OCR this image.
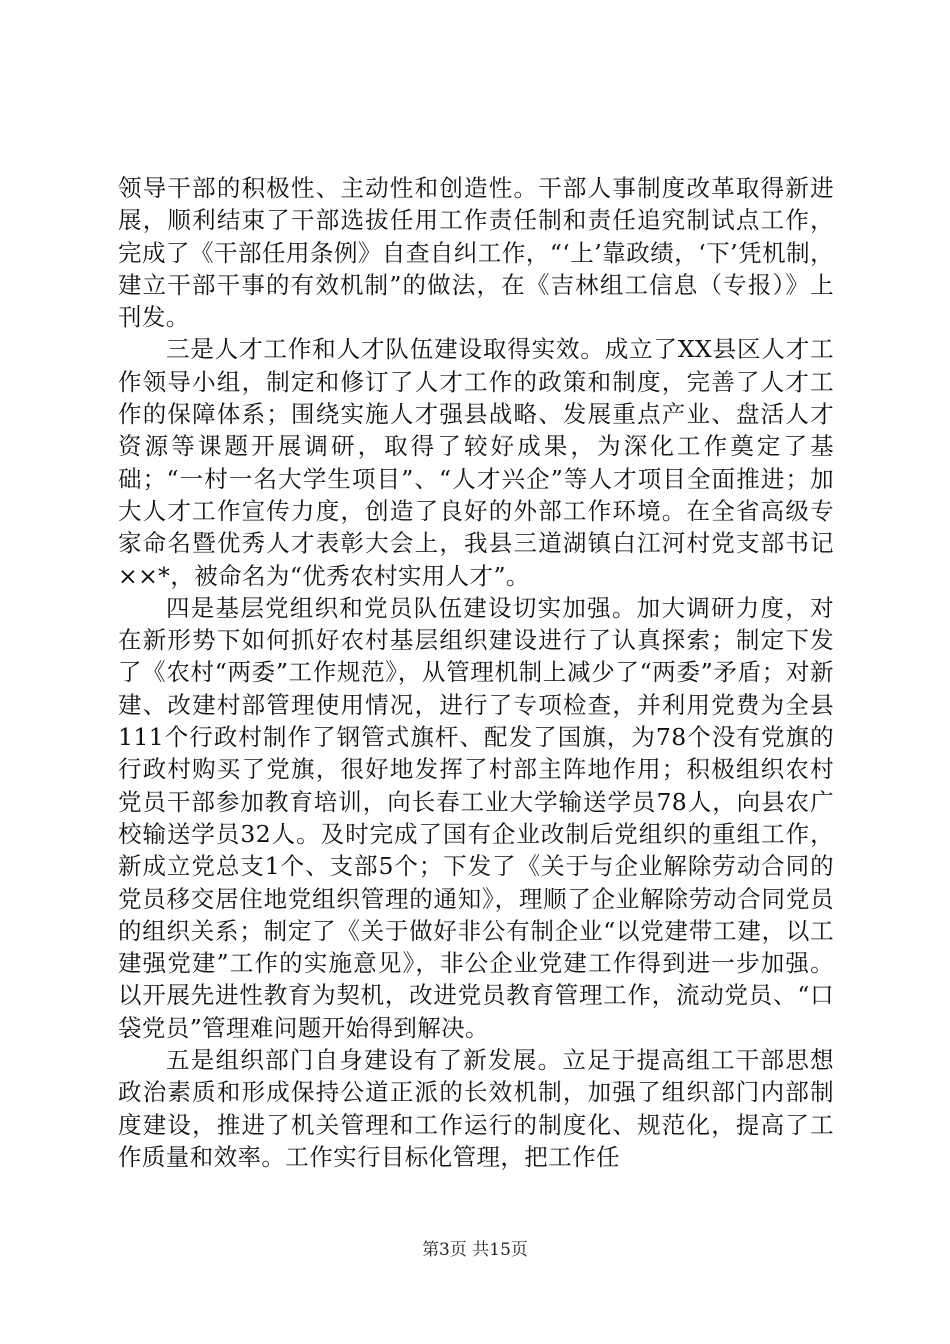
领导干部的积极性、主动性和创造性。干部人事制度改革取得新进展，顺利结束了干部选拔任用工作责任制和责任追究制试点工作，完成了《干部任用条例》自查自纠工作，“‘上’靠政绩，‘下’凭机制，建立干部干事的有效机制”的做法，在《吉林组工信息（专报）》上刊发。

三是人才工作和人才队伍建设取得实效。成立了XX县区人才工作领导小组，制定和修订了人才工作的政策和制度，完善了人才工作的保障体系；围绕实施人才强县战略、发展重点产业、盘活人才资源等课题开展调研，取得了较好成果，为深化工作奠定了基础；“一村一名大学生项目”、“人才兴企”等人才项目全面推进；加大人才工作宣传力度，创造了良好的外部工作环境。在全省高级专家命名暨优秀人才表彰大会上，我县三道湖镇白江河村党支部书记××*，被命名为“优秀农村实用人才”。

四是基层党组织和党员队伍建设切实加强。加大调研力度，对在新形势下如何抓好农村基层组织建设进行了认真探索；制定下发了《农村“两委”工作规范》，从管理机制上减少了“两委”矛盾；对新建、改建村部管理使用情况，进行了专项检查，并利用党费为全县111个行政村制作了钢管式旗杆、配发了国旗，为78个没有党旗的行政村购买了党旗，很好地发挥了村部主阵地作用；积极组织农村党员干部参加教育培训，向长春工业大学输送学员78人，向县农广校输送学员32人。及时完成了国有企业改制后党组织的重组工作，新成立党总支1个、支部5个；下发了《关于与企业解除劳动合同的党员移交居住地党组织管理的通知》，理顺了企业解除劳动合同党员的组织关系；制定了《关于做好非公有制企业“以党建带工建，以工建强党建”工作的实施意见》，非公企业党建工作得到进一步加强。以开展先进性教育为契机，改进党员教育管理工作，流动党员、“口袋党员”管理难问题开始得到解决。

五是组织部门自身建设有了新发展。立足于提高组工干部思想政治素质和形成保持公道正派的长效机制，加强了组织部门内部制度建设，推进了机关管理和工作运行的制度化、规范化，提高了工作质量和效率。工作实行目标化管理，把工作任

第3页 共15页
